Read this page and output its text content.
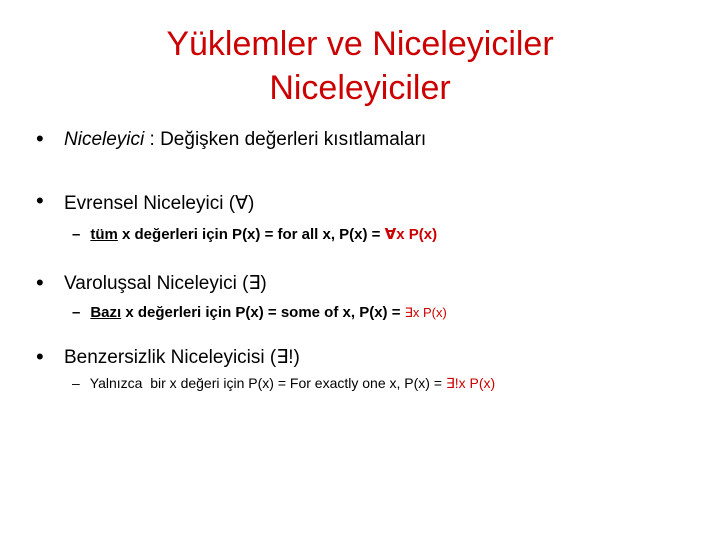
Yüklemler ve Niceleyiciler
Niceleyiciler
• Niceleyici : Değişken değerleri kısıtlamaları
• Evrensel Niceleyici (∀)
– tüm x değerleri için P(x) = for all x, P(x) = ∀x P(x)
• Varoluşsal Niceleyici (∃)
– Bazı x değerleri için P(x) = some of x, P(x) = ∃x P(x)
• Benzersizlik Niceleyicisi (∃!)
– Yalnızca  bir x değeri için P(x) = For exactly one x, P(x) = ∃!x P(x)
